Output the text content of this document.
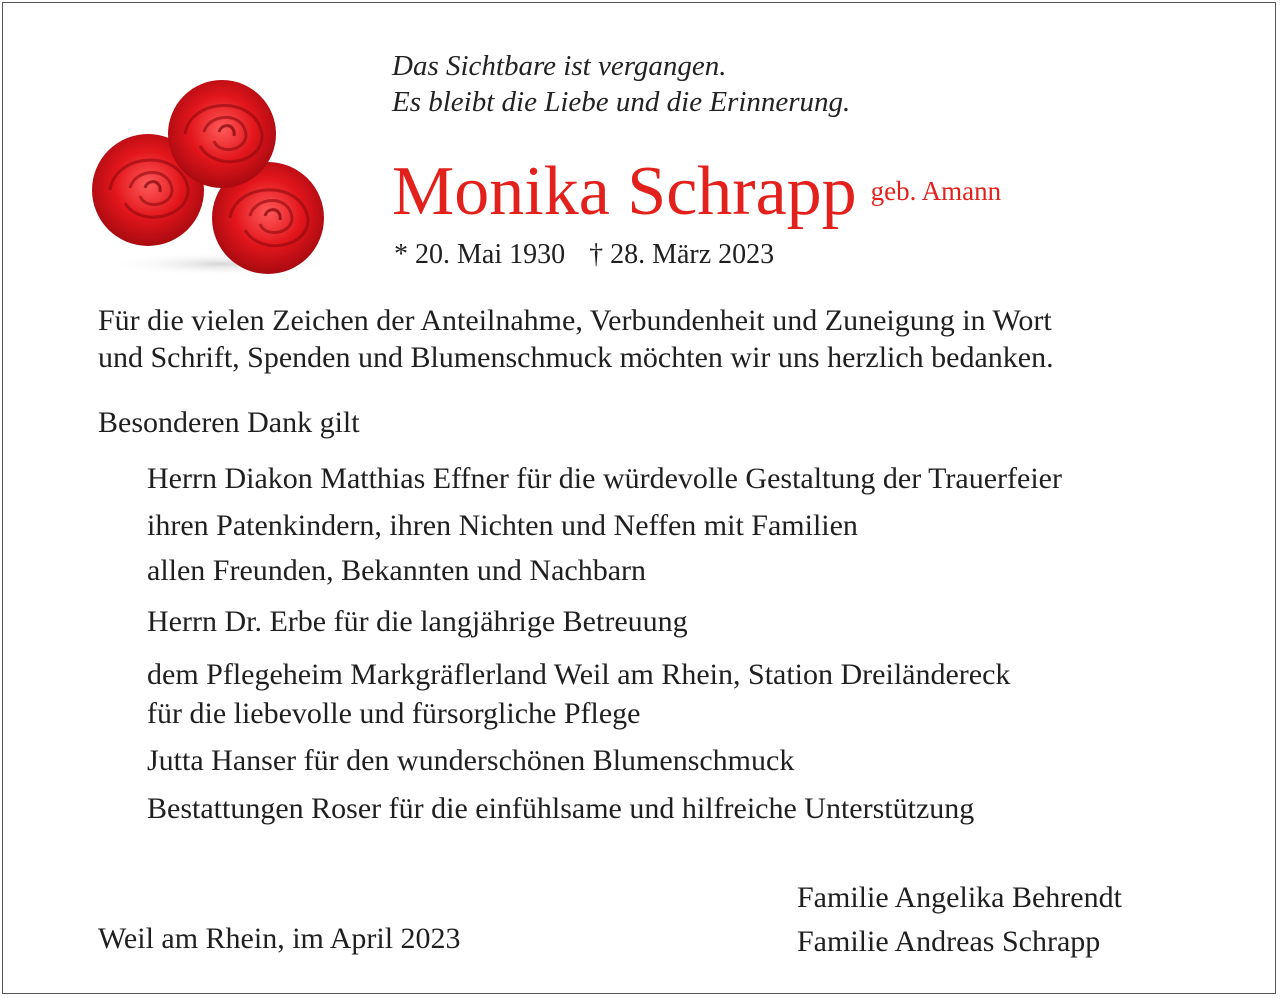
Das Sichtbare ist vergangen.
Es bleibt die Liebe und die Erinnerung.
Monika Schrapp geb. Amann
* 20. Mai 1930 † 28. März 2023
Für die vielen Zeichen der Anteilnahme, Verbundenheit und Zuneigung in Wort
und Schrift, Spenden und Blumenschmuck möchten wir uns herzlich bedanken.
Besonderen Dank gilt
Herrn Diakon Matthias Effner für die würdevolle Gestaltung der Trauerfeier
ihren Patenkindern, ihren Nichten und Neffen mit Familien
allen Freunden, Bekannten und Nachbarn
Herrn Dr. Erbe für die langjährige Betreuung
dem Pflegeheim Markgräflerland Weil am Rhein, Station Dreiländereck
für die liebevolle und fürsorgliche Pflege
Jutta Hanser für den wunderschönen Blumenschmuck
Bestattungen Roser für die einfühlsame und hilfreiche Unterstützung
Weil am Rhein, im April 2023
Familie Angelika Behrendt
Familie Andreas Schrapp
